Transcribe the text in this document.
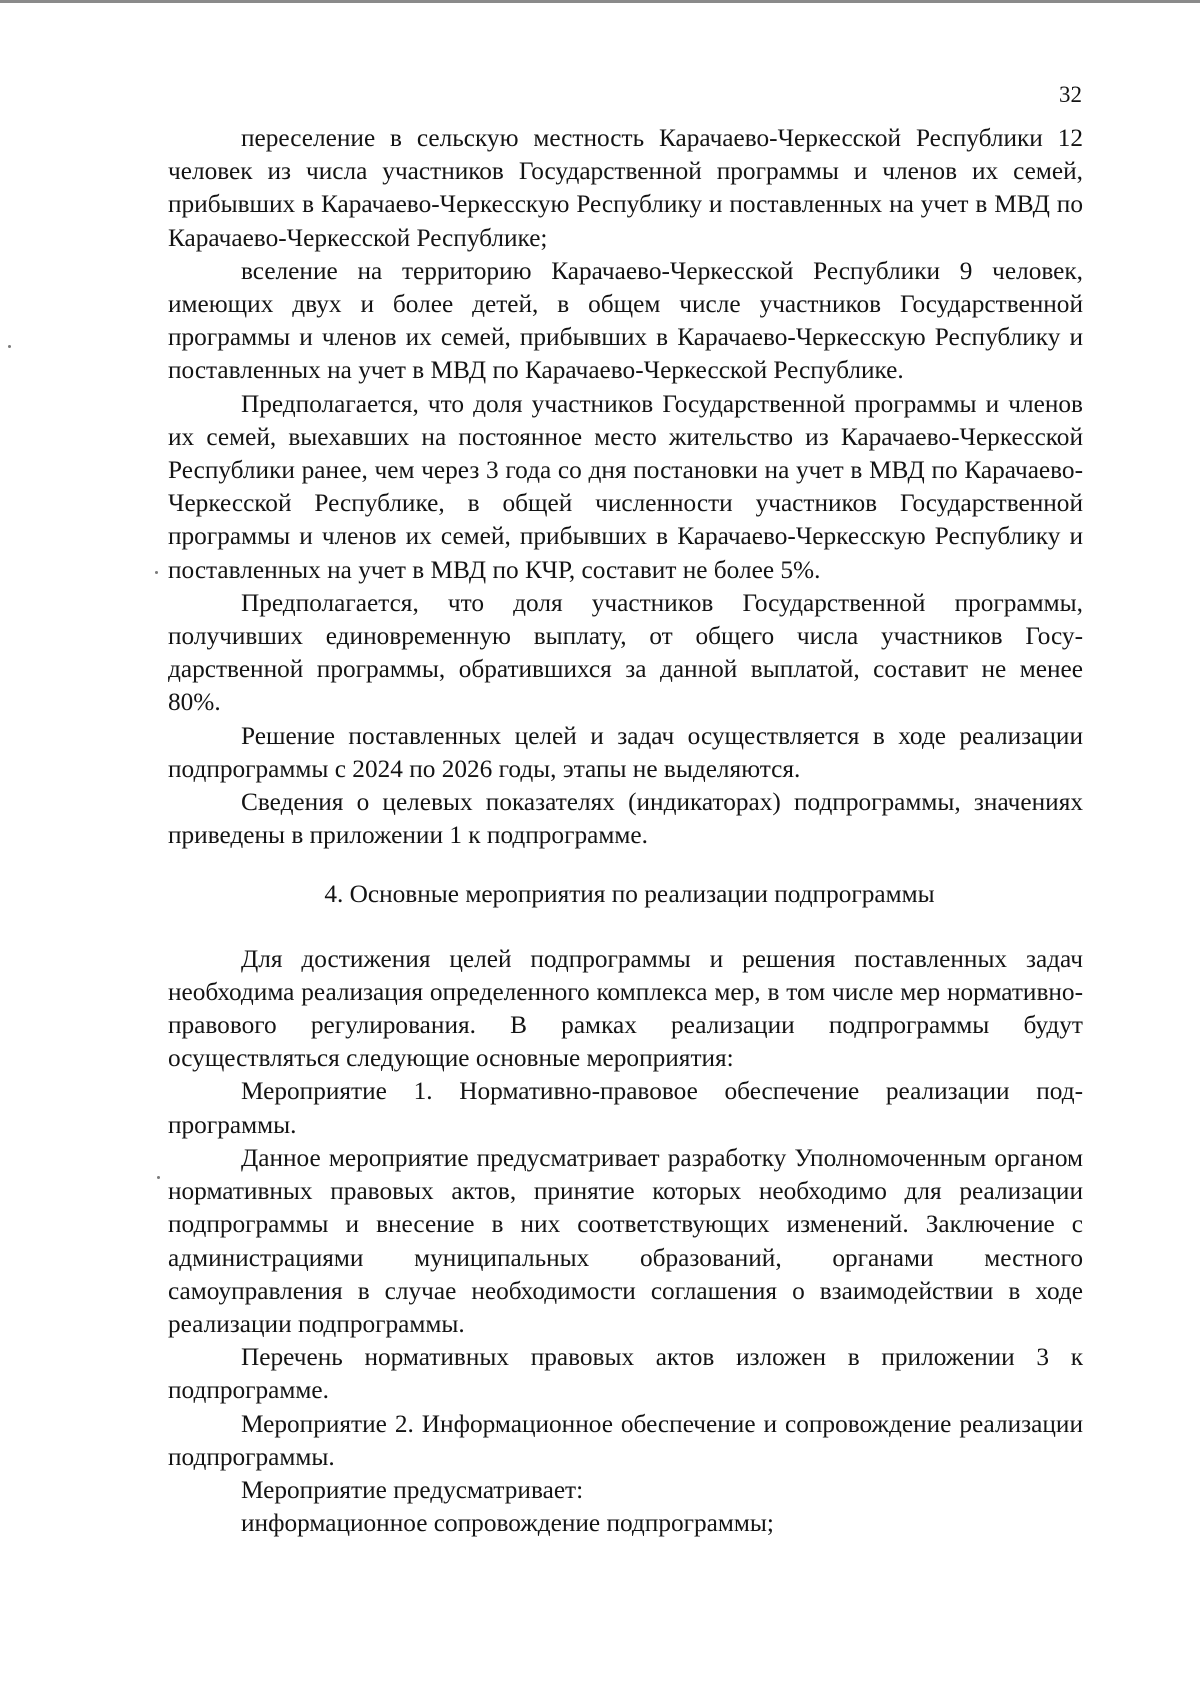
32

переселение в сельскую местность Карачаево-Черкесской Республики 12 человек из числа участников Государственной программы и членов их семей, прибывших в Карачаево-Черкесскую Республику и поставленных на учет в МВД по Карачаево-Черкесской Республике;

вселение на территорию Карачаево-Черкесской Республики 9 человек, имеющих двух и более детей, в общем числе участников Государственной программы и членов их семей, прибывших в Карачаево-Черкесскую Республику и поставленных на учет в МВД по Карачаево-Черкесской Республике.

Предполагается, что доля участников Государственной программы и членов их семей, выехавших на постоянное место жительство из Карачаево-Черкесской Республики ранее, чем через 3 года со дня постановки на учет в МВД по Карачаево-Черкесской Республике, в общей численности участников Государственной программы и членов их семей, прибывших в Карачаево-Черкесскую Республику и поставленных на учет в МВД по КЧР, составит не более 5%.

Предполагается, что доля участников Государственной программы, получивших единовременную выплату, от общего числа участников Государственной программы, обратившихся за данной выплатой, составит не менее 80%.

Решение поставленных целей и задач осуществляется в ходе реализации подпрограммы с 2024 по 2026 годы, этапы не выделяются.

Сведения о целевых показателях (индикаторах) подпрограммы, значениях приведены в приложении 1 к подпрограмме.

4. Основные мероприятия по реализации подпрограммы

Для достижения целей подпрограммы и решения поставленных задач необходима реализация определенного комплекса мер, в том числе мер нормативно-правового регулирования. В рамках реализации подпрограммы будут осуществляться следующие основные мероприятия:

Мероприятие 1. Нормативно-правовое обеспечение реализации подпрограммы.

Данное мероприятие предусматривает разработку Уполномоченным органом нормативных правовых актов, принятие которых необходимо для реализации подпрограммы и внесение в них соответствующих изменений. Заключение с администрациями муниципальных образований, органами местного самоуправления в случае необходимости соглашения о взаимодействии в ходе реализации подпрограммы.

Перечень нормативных правовых актов изложен в приложении 3 к подпрограмме.

Мероприятие 2. Информационное обеспечение и сопровождение реализации подпрограммы.

Мероприятие предусматривает:

информационное сопровождение подпрограммы;
